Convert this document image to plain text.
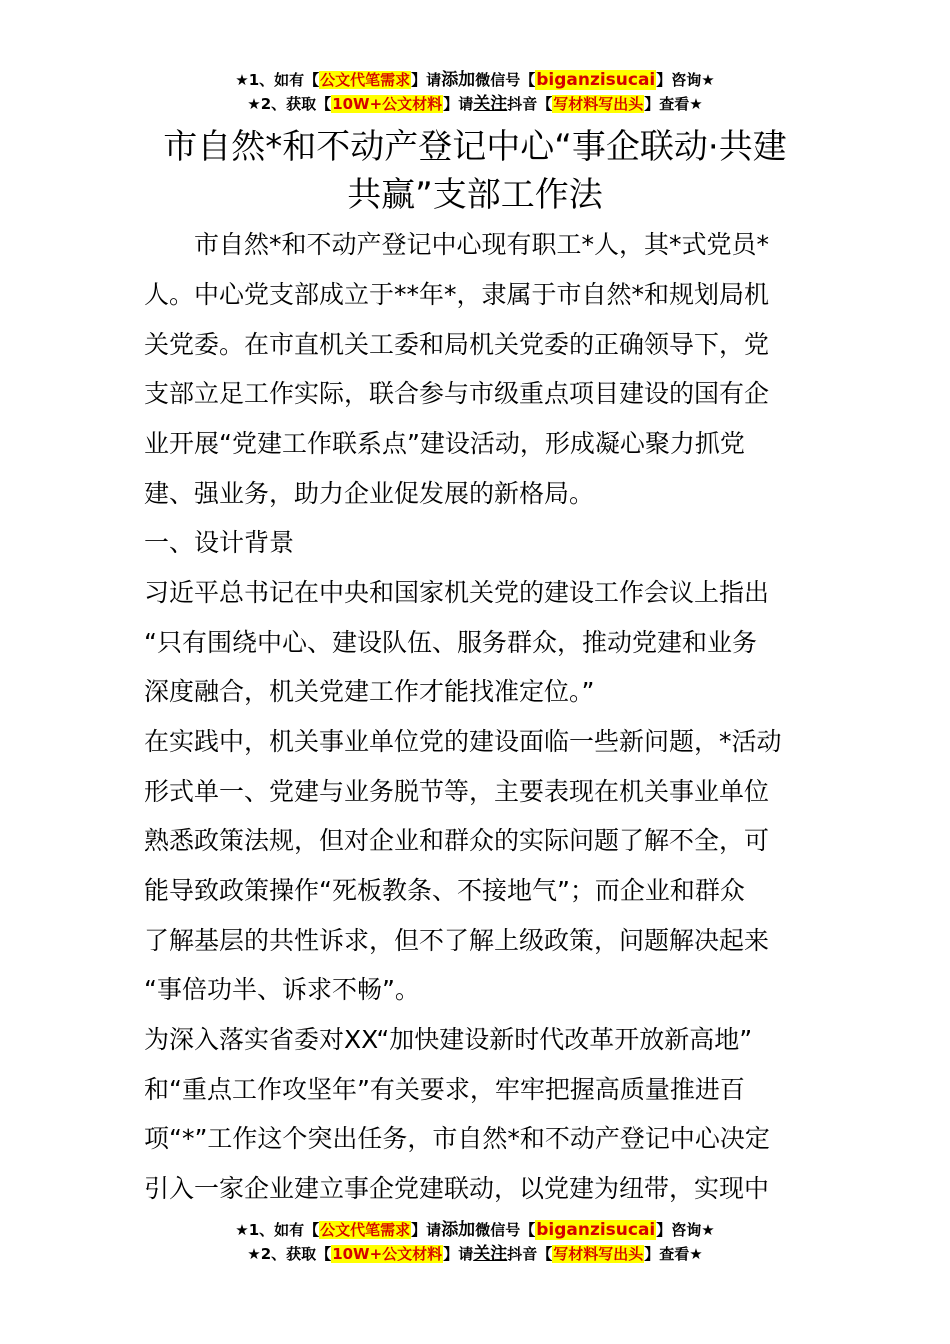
★1、如有【公文代笔需求】请添加微信号【biganzisucai】咨询★
★2、获取【10W+公文材料】请关注抖音【写材料写出头】查看★
市自然*和不动产登记中心“事企联动·共建
共赢”支部工作法
　　市自然*和不动产登记中心现有职工*人，其*式党员*
人。中心党支部成立于**年*，隶属于市自然*和规划局机
关党委。在市直机关工委和局机关党委的正确领导下，党
支部立足工作实际，联合参与市级重点项目建设的国有企
业开展“党建工作联系点”建设活动，形成凝心聚力抓党
建、强业务，助力企业促发展的新格局。
一、设计背景
习近平总书记在中央和国家机关党的建设工作会议上指出
“只有围绕中心、建设队伍、服务群众，推动党建和业务
深度融合，机关党建工作才能找准定位。”
在实践中，机关事业单位党的建设面临一些新问题，*活动
形式单一、党建与业务脱节等，主要表现在机关事业单位
熟悉政策法规，但对企业和群众的实际问题了解不全，可
能导致政策操作“死板教条、不接地气”；而企业和群众
了解基层的共性诉求，但不了解上级政策，问题解决起来
“事倍功半、诉求不畅”。
为深入落实省委对XX“加快建设新时代改革开放新高地”
和“重点工作攻坚年”有关要求，牢牢把握高质量推进百
项“*”工作这个突出任务，市自然*和不动产登记中心决定
引入一家企业建立事企党建联动，以党建为纽带，实现中
★1、如有【公文代笔需求】请添加微信号【biganzisucai】咨询★
★2、获取【10W+公文材料】请关注抖音【写材料写出头】查看★
